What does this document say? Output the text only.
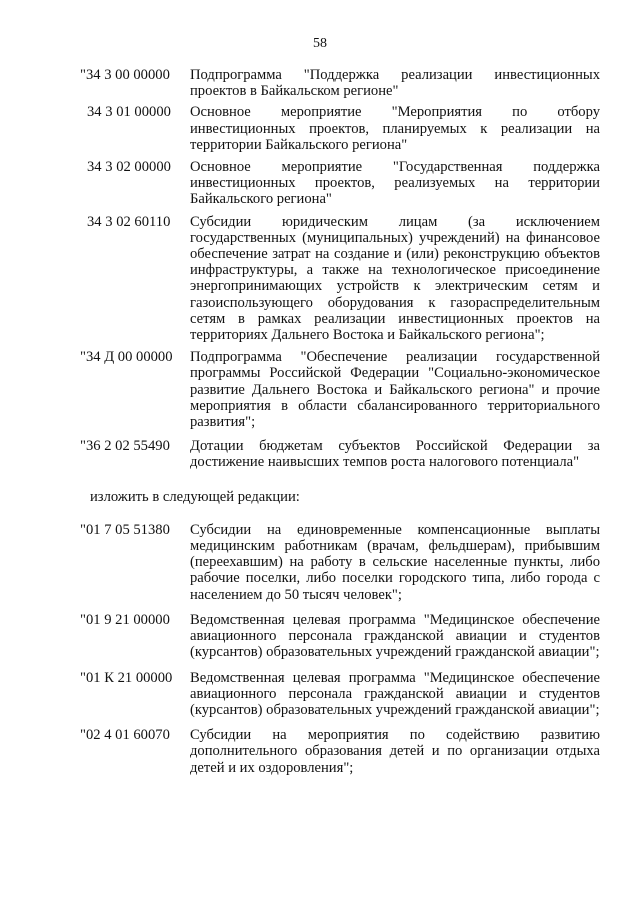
58
"34 3 00 00000	Подпрограмма "Поддержка реализации инвестиционных проектов в Байкальском регионе"
34 3 01 00000	Основное мероприятие "Мероприятия по отбору инвестиционных проектов, планируемых к реализации на территории Байкальского региона"
34 3 02 00000	Основное мероприятие "Государственная поддержка инвестиционных проектов, реализуемых на территории Байкальского региона"
34 3 02 60110	Субсидии юридическим лицам (за исключением государственных (муниципальных) учреждений) на финансовое обеспечение затрат на создание и (или) реконструкцию объектов инфраструктуры, а также на технологическое присоединение энергопринимающих устройств к электрическим сетям и газоиспользующего оборудования к газораспределительным сетям в рамках реализации инвестиционных проектов на территориях Дальнего Востока и Байкальского региона";
"34 Д 00 00000	Подпрограмма "Обеспечение реализации государственной программы Российской Федерации "Социально-экономическое развитие Дальнего Востока и Байкальского региона" и прочие мероприятия в области сбалансированного территориального развития";
"36 2 02 55490	Дотации бюджетам субъектов Российской Федерации за достижение наивысших темпов роста налогового потенциала"
изложить в следующей редакции:
"01 7 05 51380	Субсидии на единовременные компенсационные выплаты медицинским работникам (врачам, фельдшерам), прибывшим (переехавшим) на работу в сельские населенные пункты, либо рабочие поселки, либо поселки городского типа, либо города с населением до 50 тысяч человек";
"01 9 21 00000	Ведомственная целевая программа "Медицинское обеспечение авиационного персонала гражданской авиации и студентов (курсантов) образовательных учреждений гражданской авиации";
"01 К 21 00000	Ведомственная целевая программа "Медицинское обеспечение авиационного персонала гражданской авиации и студентов (курсантов) образовательных учреждений гражданской авиации";
"02 4 01 60070	Субсидии на мероприятия по содействию развитию дополнительного образования детей и по организации отдыха детей и их оздоровления";
